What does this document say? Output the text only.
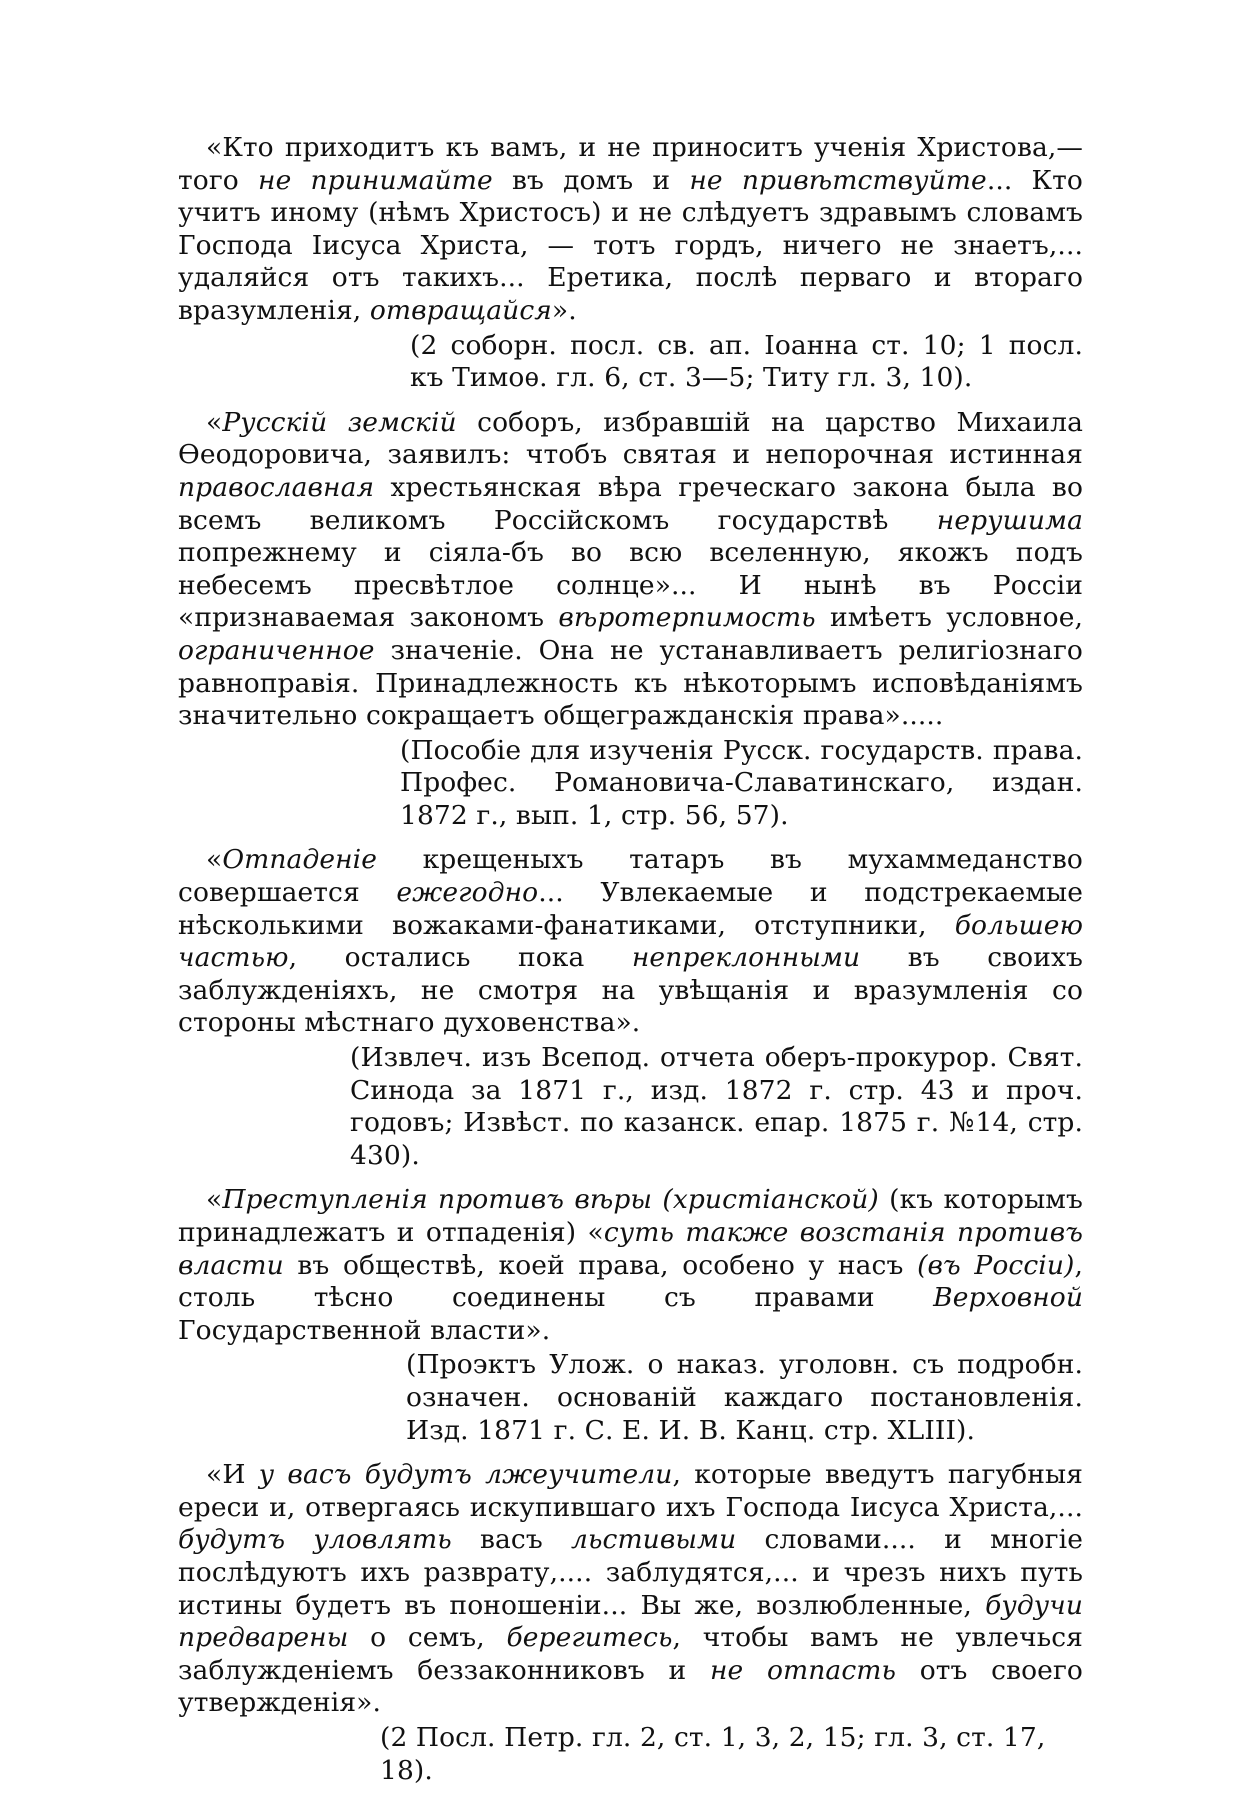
«Кто приходитъ къ вамъ, и не приноситъ ученія Христова,—того не принимайте въ домъ и не привѣтствуйте... Кто учитъ иному (нѣмъ Христосъ) и не слѣдуетъ здравымъ словамъ Господа Іисуса Христа, — тотъ гордъ, ничего не знаетъ,... удаляйся отъ такихъ... Еретика, послѣ перваго и втораго вразумленія, отвращайся».

(2 соборн. посл. св. ап. Іоанна ст. 10; 1 посл. къ Тимоѳ. гл. 6, ст. 3—5; Титу гл. 3, 10).

«Русскій земскій соборъ, избравшій на царство Михаила Ѳеодоровича, заявилъ: чтобъ святая и непорочная истинная православная хрестьянская вѣра греческаго закона была во всемъ великомъ Россійскомъ государствѣ нерушима попрежнему и сіяла-бъ во всю вселенную, якожъ подъ небесемъ пресвѣтлое солнце»... И нынѣ въ Россіи «признаваемая закономъ вѣротерпимость имѣетъ условное, ограниченное значеніе. Она не устанавливаетъ религіознаго равноправія. Принадлежность къ нѣкоторымъ исповѣданіямъ значительно сокращаетъ общегражданскія права».....

(Пособіе для изученія Русск. государств. права. Профес. Романовича-Славатинскаго, издан. 1872 г., вып. 1, стр. 56, 57).

«Отпаденіе крещеныхъ татаръ въ мухаммеданство совершается ежегодно... Увлекаемые и подстрекаемые нѣсколькими вожаками-фанатиками, отступники, большею частью, остались пока непреклонными въ своихъ заблужденіяхъ, не смотря на увѣщанія и вразумленія со стороны мѣстнаго духовенства».

(Извлеч. изъ Всепод. отчета оберъ-прокурор. Свят. Синода за 1871 г., изд. 1872 г. стр. 43 и проч. годовъ; Извѣст. по казанск. епар. 1875 г. №14, стр. 430).

«Преступленія противъ вѣры (христіанской) (къ которымъ принадлежатъ и отпаденія) «суть также возстанія противъ власти въ обществѣ, коей права, особено у насъ (въ Россіи), столь тѣсно соединены съ правами Верховной Государственной власти».

(Проэктъ Улож. о наказ. уголовн. съ подробн. означен. основаній каждаго постановленія. Изд. 1871 г. С. Е. И. В. Канц. стр. XLIII).

«И у васъ будутъ лжеучители, которые введутъ пагубныя ереси и, отвергаясь искупившаго ихъ Господа Іисуса Христа,... будутъ уловлять васъ льстивыми словами.... и многіе послѣдуютъ ихъ разврату,.... заблудятся,... и чрезъ нихъ путь истины будетъ въ поношеніи... Вы же, возлюбленные, будучи предварены о семъ, берегитесь, чтобы вамъ не увлечься заблужденіемъ беззаконниковъ и не отпасть отъ своего утвержденія».

(2 Посл. Петр. гл. 2, ст. 1, 3, 2, 15; гл. 3, ст. 17, 18).
